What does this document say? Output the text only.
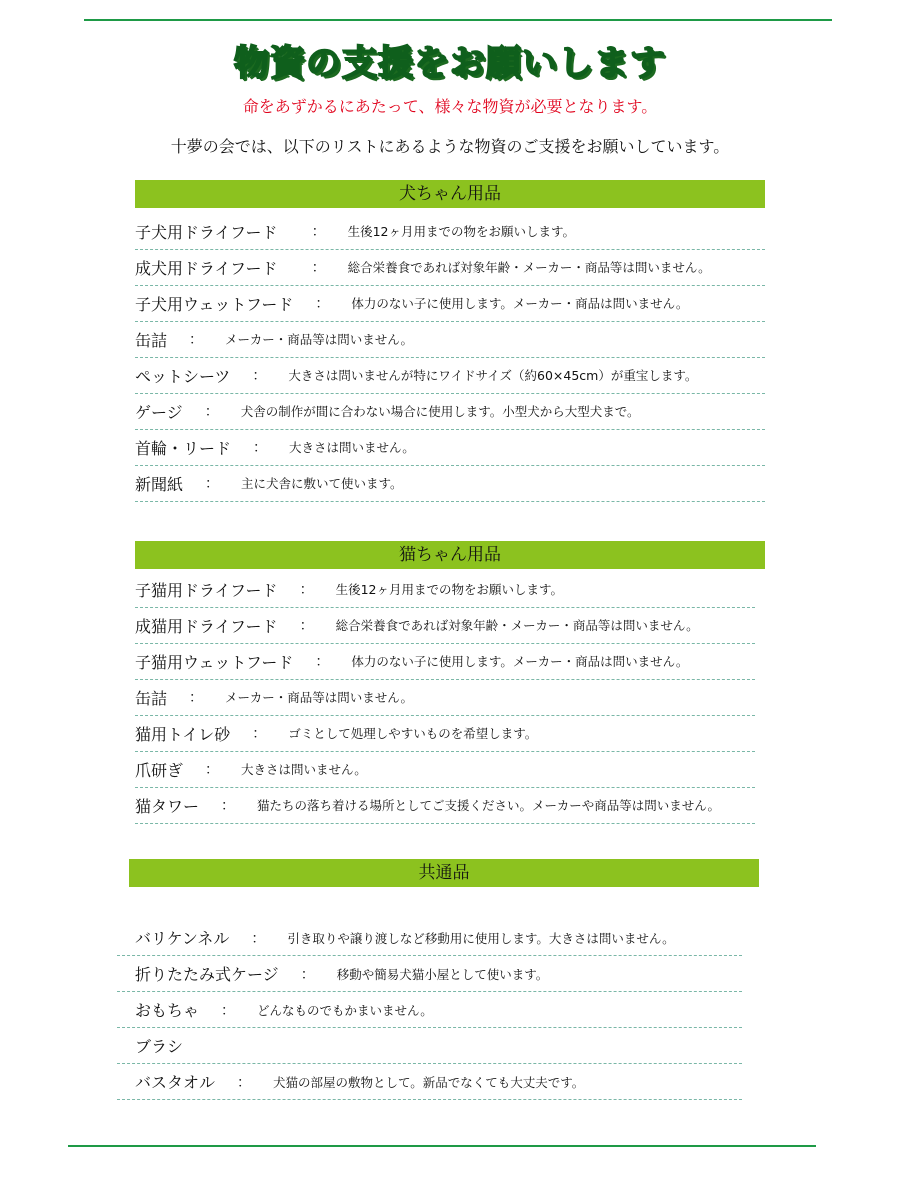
物資の支援をお願いします
命をあずかるにあたって、様々な物資が必要となります。
十夢の会では、以下のリストにあるような物資のご支援をお願いしています。
犬ちゃん用品
子犬用ドライフード ： 生後12ヶ月用までの物をお願いします。
成犬用ドライフード ： 総合栄養食であれば対象年齢・メーカー・商品等は問いません。
子犬用ウェットフード ： 体力のない子に使用します。メーカー・商品は問いません。
缶詰 ： メーカー・商品等は問いません。
ペットシーツ ： 大きさは問いませんが特にワイドサイズ（約60×45cm）が重宝します。
ゲージ ： 犬舎の制作が間に合わない場合に使用します。小型犬から大型犬まで。
首輪・リード ： 大きさは問いません。
新聞紙 ： 主に犬舎に敷いて使います。
猫ちゃん用品
子猫用ドライフード ： 生後12ヶ月用までの物をお願いします。
成猫用ドライフード ： 総合栄養食であれば対象年齢・メーカー・商品等は問いません。
子猫用ウェットフード ： 体力のない子に使用します。メーカー・商品は問いません。
缶詰 ： メーカー・商品等は問いません。
猫用トイレ砂 ： ゴミとして処理しやすいものを希望します。
爪研ぎ ： 大きさは問いません。
猫タワー ： 猫たちの落ち着ける場所としてご支援ください。メーカーや商品等は問いません。
共通品
バリケンネル ： 引き取りや譲り渡しなど移動用に使用します。大きさは問いません。
折りたたみ式ケージ ： 移動や簡易犬猫小屋として使います。
おもちゃ ： どんなものでもかまいません。
ブラシ
バスタオル ： 犬猫の部屋の敷物として。新品でなくても大丈夫です。
